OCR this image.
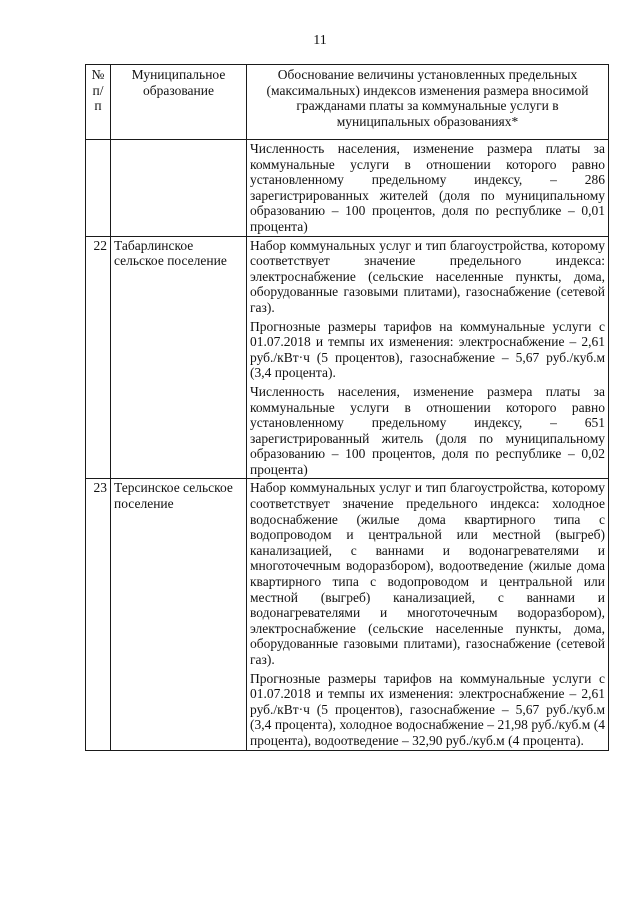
11
№ п/п	Муниципальное образование	Обоснование величины установленных предельных (максимальных) индексов изменения размера вносимой гражданами платы за коммунальные услуги в муниципальных образованиях*

		Численность населения, изменение размера платы за коммунальные услуги в отношении которого равно установленному предельному индексу, – 286 зарегистрированных жителей (доля по муниципальному образованию – 100 процентов, доля по республике – 0,01 процента)

22	Табарлинское сельское поселение	Набор коммунальных услуг и тип благоустройства, которому соответствует значение предельного индекса: электроснабжение (сельские населенные пункты, дома, оборудованные газовыми плитами), газоснабжение (сетевой газ).

Прогнозные размеры тарифов на коммунальные услуги с 01.07.2018 и темпы их изменения: электроснабжение – 2,61 руб./кВт·ч (5 процентов), газоснабжение – 5,67 руб./куб.м (3,4 процента).

Численность населения, изменение размера платы за коммунальные услуги в отношении которого равно установленному предельному индексу, – 651 зарегистрированный житель (доля по муниципальному образованию – 100 процентов, доля по республике – 0,02 процента)

23	Терсинское сельское поселение	Набор коммунальных услуг и тип благоустройства, которому соответствует значение предельного индекса: холодное водоснабжение (жилые дома квартирного типа с водопроводом и центральной или местной (выгреб) канализацией, с ваннами и водонагревателями и многоточечным водоразбором), водоотведение (жилые дома квартирного типа с водопроводом и центральной или местной (выгреб) канализацией, с ваннами и водонагревателями и многоточечным водоразбором), электроснабжение (сельские населенные пункты, дома, оборудованные газовыми плитами), газоснабжение (сетевой газ).

Прогнозные размеры тарифов на коммунальные услуги с 01.07.2018 и темпы их изменения: электроснабжение – 2,61 руб./кВт·ч (5 процентов), газоснабжение – 5,67 руб./куб.м (3,4 процента), холодное водоснабжение – 21,98 руб./куб.м (4 процента), водоотведение – 32,90 руб./куб.м (4 процента).
